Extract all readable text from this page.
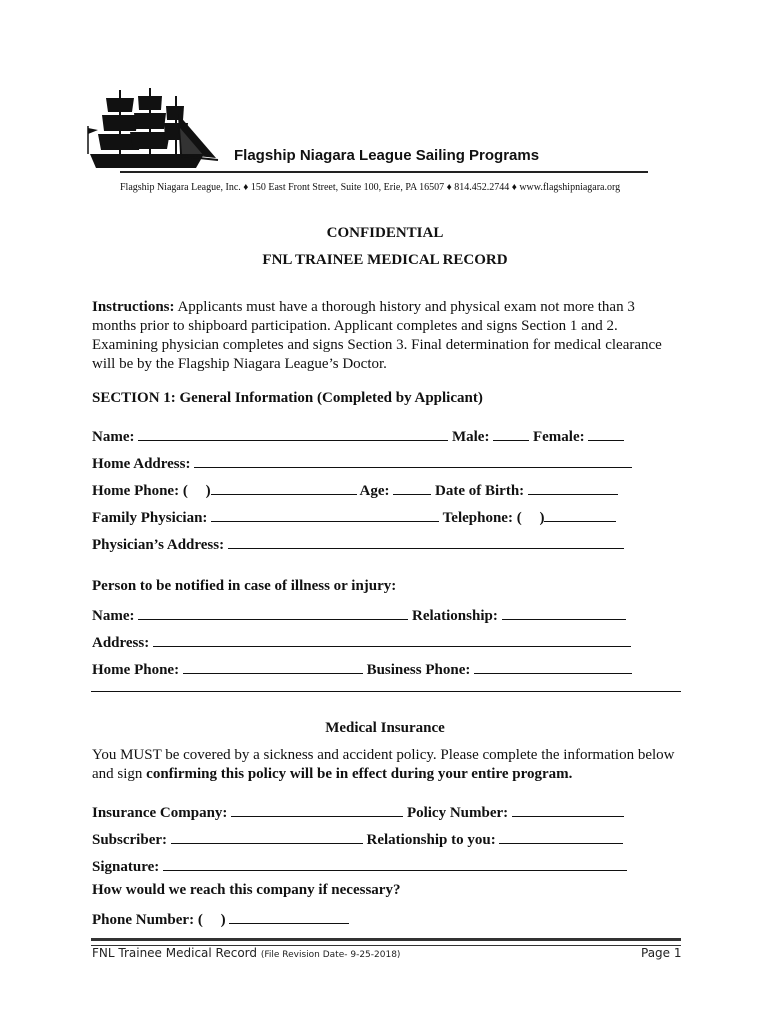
Flagship Niagara League Sailing Programs
Flagship Niagara League, Inc. ♦ 150 East Front Street, Suite 100, Erie, PA 16507 ♦ 814.452.2744 ♦ www.flagshipniagara.org
CONFIDENTIAL
FNL TRAINEE MEDICAL RECORD
Instructions: Applicants must have a thorough history and physical exam not more than 3 months prior to shipboard participation. Applicant completes and signs Section 1 and 2. Examining physician completes and signs Section 3. Final determination for medical clearance will be by the Flagship Niagara League’s Doctor.
SECTION 1: General Information (Completed by Applicant)
Name:	Male:	Female:
Home Address:
Home Phone: ( )	Age:	Date of Birth:
Family Physician:	Telephone: ( )
Physician’s Address:
Person to be notified in case of illness or injury:
Name:	Relationship:
Address:
Home Phone:	Business Phone:
Medical Insurance
You MUST be covered by a sickness and accident policy. Please complete the information below and sign confirming this policy will be in effect during your entire program.
Insurance Company:	Policy Number:
Subscriber:	Relationship to you:
Signature:
How would we reach this company if necessary?
Phone Number: ( )
FNL Trainee Medical Record (File Revision Date- 9-25-2018)	Page 1
